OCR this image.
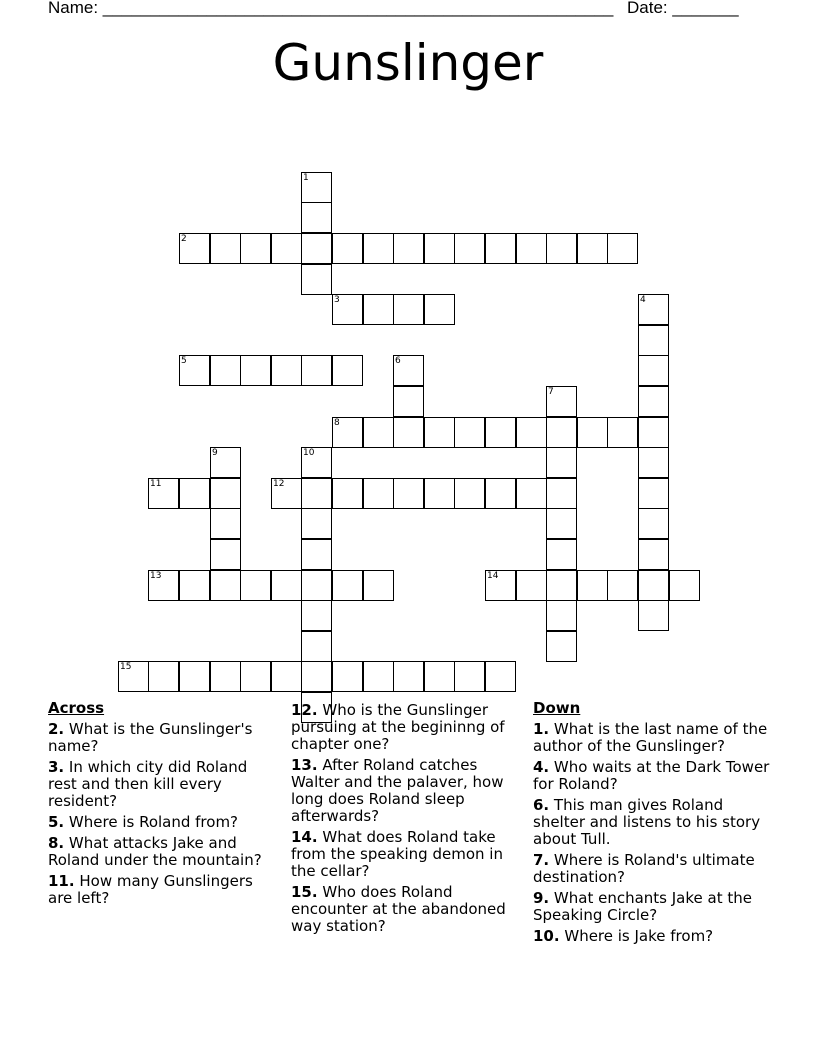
Name: ______________________________________________________ Date: _______
Gunslinger
1
2
3	4
5	6
7
8
9	10
11	12
13	14
15
Across
2. What is the Gunslinger's name?
3. In which city did Roland rest and then kill every resident?
5. Where is Roland from?
8. What attacks Jake and Roland under the mountain?
11. How many Gunslingers are left?
12. Who is the Gunslinger pursuing at the begininng of chapter one?
13. After Roland catches Walter and the palaver, how long does Roland sleep afterwards?
14. What does Roland take from the speaking demon in the cellar?
15. Who does Roland encounter at the abandoned way station?
Down
1. What is the last name of the author of the Gunslinger?
4. Who waits at the Dark Tower for Roland?
6. This man gives Roland shelter and listens to his story about Tull.
7. Where is Roland's ultimate destination?
9. What enchants Jake at the Speaking Circle?
10. Where is Jake from?
